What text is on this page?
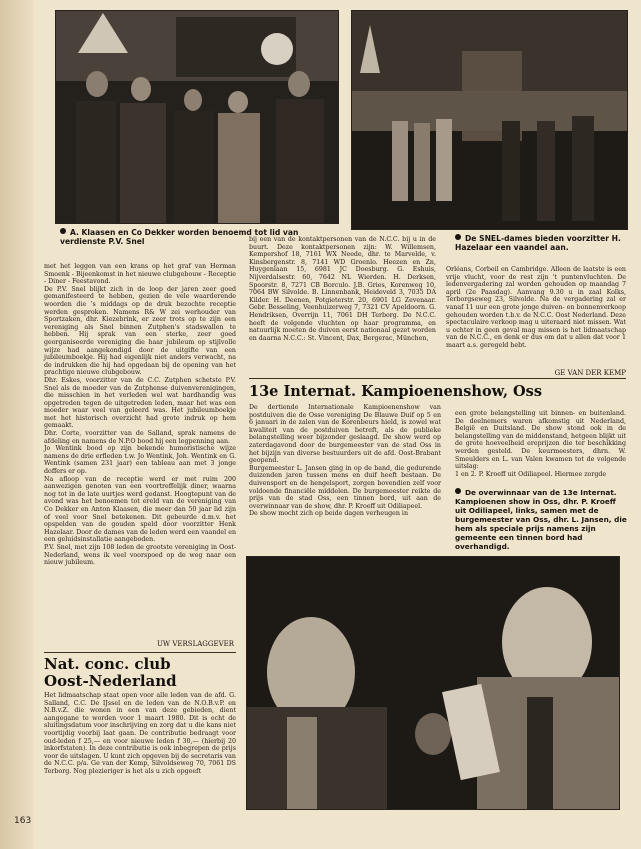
A. Klaasen en Co Dekker worden benoemd tot lid van verdienste P.V. Snel	De SNEL-dames bieden voorzitter H. Hazelaar een vaandel aan.
met het leggen van een krans op het graf van Herman Smoenk - Bijeenkomst in het nieuwe clubgebouw - Receptie - Diner - Feestavond.
De P.V. Snel blijkt zich in de loop der jaren zeer goed gemanifesteerd te hebben, gezien de vele waarderende woorden die 's middags op de druk bezochte receptie werden gesproken. Namens R& W zei werhouder van Sportzaken, dhr. Kiezebrink, er zeer trots op te zijn een vereniging als Snel binnen Zutphen's stadswallen te hebben. Hij sprak van een sterke, zeer goed georganiseerde vereniging die haar jubileum op stijlvolle wijze had aangekondigd door de uitgifte van een jubileumboekje. Hij had eigenlijk niet anders verwacht, na de indrukken die hij had opgedaan bij de opening van het prachtige nieuwe clubgebouw.
Dhr. Eskes, voorzitter van de C.C. Zutphen schetste P.V. Snel als de moeder van de Zutphense duivenverenigingen, die misschien in het verleden wel wat hardhandig was opgetreden tegen de uitgetreden leden, maar het was een moeder waar veel van geleerd was. Het jubileumboekje met het historisch overzicht had grote indruk op hem gemaakt.
Dhr. Corte, voorzitter van de Salland, sprak namens de afdeling en namens de N.P.O bood hij een legpenning aan.
Jo Wentink bood op zijn bekende humoristische wijze namens de drie erfleden t.w. Jo Wentink, Joh. Wentink en G. Wentink (samen 231 jaar) een tableau aan met 3 jonge doffers er op.
Na afloop van de receptie werd er met ruim 200 aanwezigen genoten van een voortreffelijk diner, waarna nog tot in de late uurtjes werd gedanst. Hoogtepunt van de avond was het benoemen tot ereld van de vereniging van Co Dekker en Anton Klaasen, die meer dan 50 jaar lid zijn of veel voor Snel betekenen. Dit gebeurde d.m.v. het opspelden van de gouden speld door voorzitter Henk Hazelaar. Door de dames van de leden werd een vaandel en een geluidsinstallatie aangeboden.
P.V. Snel, met zijn 108 leden de grootste vereniging in Oost-Nederland, wens ik veel voorspoed op de weg naar een nieuw jubileum.
UW VERSLAGGEVER
Nat. conc. club
Oost-Nederland
Het lidmaatschap staat open voor alle leden van de afd. G. Salland, C.C. De IJssel en de leden van de N.O.B.v.P. en N.B.v.Z. die wonen in een van deze gebieden, dient aangegane te worden voor 1 maart 1980. Dit is echt de sluitingsdatum voor inschrijving en zorg dat u die kans niet voortijdig voorbij laat gaan. De contributie bedraagt voor oud-leden f 25,— en voor nieuwe leden f 30,— (hierbij 20 inkorfstaten). In deze contributie is ook inbegrepen de prijs voor de uitslagen. U kunt zich opgeven bij de secretaris van de N.C.C. p/a. Ge van der Kemp, Silvoldseweg 70, 7061 DS Terborg. Nog plezieriger is het als u zich opgeeft
bij een van de kontaktpersonen van de N.C.C. bij u in de buurt. Deze kontaktpersonen zijn: W. Willemsen, Kempershof 18, 7161 WX Neede, dhr. te Marvelde, v. Kinsbergenstr. 8, 7141 WD Groenlo. Heezen en Zn, Huygenlaan 15, 6981 JC Doesburg. G. Eshuis, Nijverdalsestr. 60, 7642 NL Wierden. H. Derksen, Spoorstr. 8, 7271 CB Borculo. J.B. Gries, Korenweg 10, 7064 BW Silvolde. B. Linnenbank, Heideveld 3, 7035 DA Kilder. H. Deenen, Potgieterstr. 20, 6901 LG Zevenaar. Gebr. Besseling, Veenhuizerweg 7, 7321 CV Apeldoorn. G. Hendriksen, Overrijn 11, 7061 DH Terborg. De N.C.C. heeft de volgende vluchten op haar programma, en natuurlijk moeten de duiven eerst nationaal gezet worden en daarna N.C.C.: St. Vincent, Dax, Bergerac, München,
Orléans, Corbeil en Cambridge. Alleen de laatste is een vrije vlucht, voor de rest zijn 't puntenvluchten. De ledenvergadering zal worden gehouden op maandag 7 april (2e Paasdag). Aanvang 9.30 u in zaal Kolks, Terborgseweg 23, Silvolde. Na de vergadering zal er vanaf 11 uur een grote jonge duiven- en bonnenverkoop gehouden worden t.b.v. de N.C.C. Oost Nederland. Deze spectaculaire verkoop mag u uiteraard niet missen. Wat u echter in geen geval mag missen is het lidmaatschap van de N.C.C., en denk er dus om dat u allen dat voor 1 maart a.s. geregeld hebt.
GE VAN DER KEMP
13e Internat. Kampioenenshow, Oss
De dertiende Internationale Kampioenenshow van postduiven die de Osse vereniging De Blauwe Duif op 5 en 6 januari in de zalen van de Korenbeurs hield, is zowel wat kwaliteit van de postduiven betreft, als de publieke belangstelling weer bijzonder geslaagd. De show werd op zaterdagavond door de burgemeester van de stad Oss in het bijzijn van diverse bestuurders uit de afd. Oost-Brabant geopend.
Burgemeester L. Jansen ging in op de band, die gedurende duizenden jaren tussen mens en duif heeft bestaan. De duivensport en de hengelsport, zorgen bovendien zelf voor voldoende financiële middelen. De burgemeester reikte de prijs van de stad Oss, een tinnen bord, uit aan de overwinnaar van de show, dhr. P. Kroeff uit Odiliapeel.
De show mocht zich op beide dagen verheugen in
een grote belangstelling uit binnen- en buitenland. De deelnemers waren afkomstig uit Nederland, België en Duitsland. De show stond ook in de belangstelling van de middenstand, hetgeen blijkt uit de grote hoeveelheid ereprijzen die ter beschikking werden gesteld. De keurmeesters, dhrn. W. Smeulders en L. van Valen kwamen tot de volgende uitslag:
1 en 2. P. Kroeff uit Odiliapeel. Hiermee zorgde
De overwinnaar van de 13e Internat. Kampioenen show in Oss, dhr. P. Kroeff uit Odiliapeel, links, samen met de burgemeester van Oss, dhr. L. Jansen, die hem als speciale prijs namens zijn gemeente een tinnen bord had overhandigd.
163
